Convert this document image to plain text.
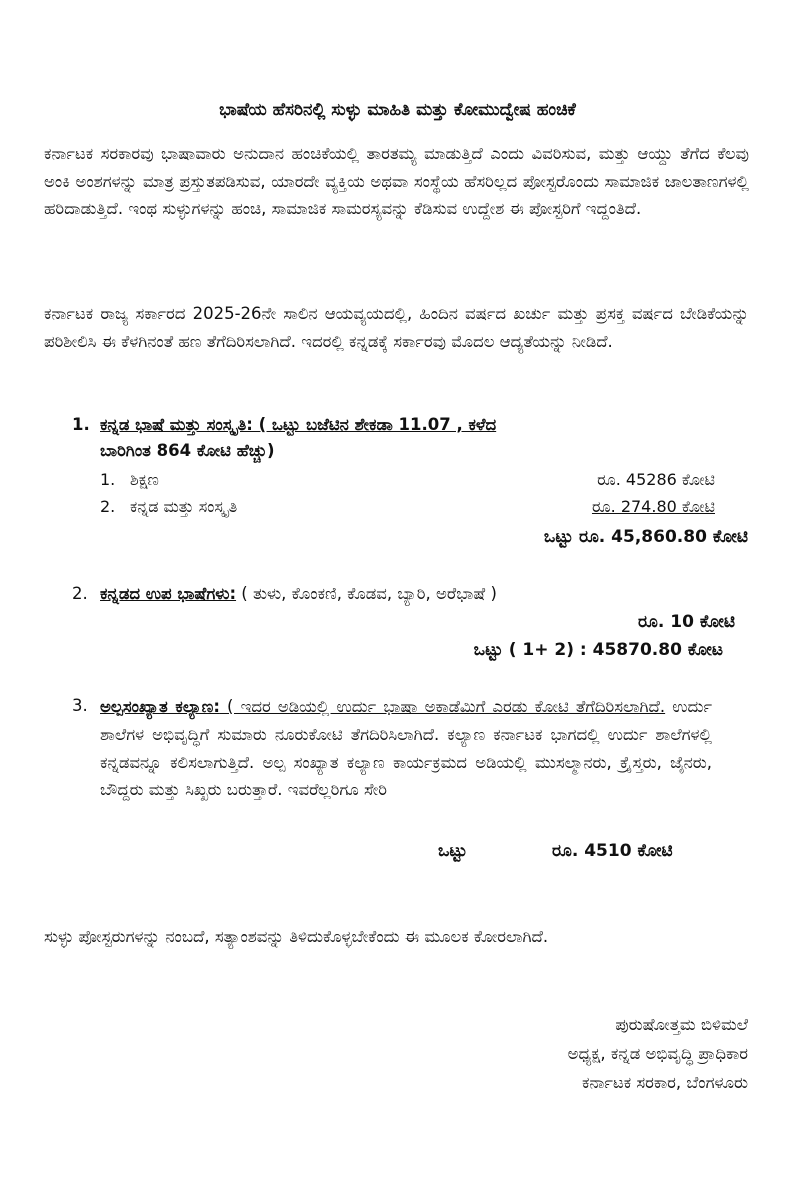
ಭಾಷೆಯ ಹೆಸರಿನಲ್ಲಿ ಸುಳ್ಳು ಮಾಹಿತಿ ಮತ್ತು ಕೋಮುದ್ವೇಷ ಹಂಚಿಕೆ
ಕರ್ನಾಟಕ ಸರಕಾರವು ಭಾಷಾವಾರು ಅನುದಾನ ಹಂಚಿಕೆಯಲ್ಲಿ ತಾರತಮ್ಯ ಮಾಡುತ್ತಿದೆ ಎಂದು ವಿವರಿಸುವ, ಮತ್ತು ಆಯ್ದು ತೆಗೆದ ಕೆಲವು ಅಂಕಿ ಅಂಶಗಳನ್ನು ಮಾತ್ರ ಪ್ರಸ್ತುತಪಡಿಸುವ, ಯಾರದೇ ವ್ಯಕ್ತಿಯ ಅಥವಾ ಸಂಸ್ಥೆಯ ಹೆಸರಿಲ್ಲದ ಪೋಸ್ಟರೊಂದು ಸಾಮಾಜಿಕ ಜಾಲತಾಣಗಳಲ್ಲಿ ಹರಿದಾಡುತ್ತಿದೆ. ಇಂಥ ಸುಳ್ಳುಗಳನ್ನು ಹಂಚಿ, ಸಾಮಾಜಿಕ ಸಾಮರಸ್ಯವನ್ನು ಕೆಡಿಸುವ ಉದ್ದೇಶ ಈ ಪೋಸ್ಟರಿಗೆ ಇದ್ದಂತಿದೆ.
ಕರ್ನಾಟಕ ರಾಜ್ಯ ಸರ್ಕಾರದ 2025-26ನೇ ಸಾಲಿನ ಆಯವ್ಯಯದಲ್ಲಿ, ಹಿಂದಿನ ವರ್ಷದ ಖರ್ಚು ಮತ್ತು ಪ್ರಸಕ್ತ ವರ್ಷದ ಬೇಡಿಕೆಯನ್ನು ಪರಿಶೀಲಿಸಿ ಈ ಕೆಳಗಿನಂತೆ ಹಣ ತೆಗೆದಿರಿಸಲಾಗಿದೆ. ಇದರಲ್ಲಿ ಕನ್ನಡಕ್ಕೆ ಸರ್ಕಾರವು ಮೊದಲ ಆದ್ಯತೆಯನ್ನು ನೀಡಿದೆ.
1. ಕನ್ನಡ ಭಾಷೆ ಮತ್ತು ಸಂಸ್ಕೃತಿ: ( ಒಟ್ಟು ಬಜೆಟಿನ ಶೇಕಡಾ 11.07 , ಕಳೆದ
ಬಾರಿಗಿಂತ 864 ಕೋಟಿ ಹೆಚ್ಚು)
1. ಶಿಕ್ಷಣ	ರೂ. 45286 ಕೋಟಿ
2. ಕನ್ನಡ ಮತ್ತು ಸಂಸ್ಕೃತಿ	ರೂ. 274.80 ಕೋಟಿ
ಒಟ್ಟು ರೂ. 45,860.80 ಕೋಟಿ
2. ಕನ್ನಡದ ಉಪ ಭಾಷೆಗಳು: ( ತುಳು, ಕೊಂಕಣಿ, ಕೊಡವ, ಬ್ಯಾರಿ, ಅರೆಭಾಷೆ )
ರೂ. 10 ಕೋಟಿ
ಒಟ್ಟು ( 1+ 2) : 45870.80 ಕೋಟ
3. ಅಲ್ಪಸಂಖ್ಯಾತ ಕಲ್ಯಾಣ: ( ಇದರ ಅಡಿಯಲ್ಲಿ ಉರ್ದು ಭಾಷಾ ಅಕಾಡೆಮಿಗೆ ಎರಡು ಕೋಟಿ ತೆಗೆದಿರಿಸಲಾಗಿದೆ. ಉರ್ದು ಶಾಲೆಗಳ ಅಭಿವೃದ್ಧಿಗೆ ಸುಮಾರು ನೂರುಕೋಟಿ ತೆಗದಿರಿಸಿಲಾಗಿದೆ. ಕಲ್ಯಾಣ ಕರ್ನಾಟಕ ಭಾಗದಲ್ಲಿ ಉರ್ದು ಶಾಲೆಗಳಲ್ಲಿ ಕನ್ನಡವನ್ನೂ ಕಲಿಸಲಾಗುತ್ತಿದೆ. ಅಲ್ಪ ಸಂಖ್ಯಾತ ಕಲ್ಯಾಣ ಕಾರ್ಯಕ್ರಮದ ಅಡಿಯಲ್ಲಿ ಮುಸಲ್ಮಾನರು, ಕ್ರೈಸ್ತರು, ಜೈನರು, ಬೌದ್ದರು ಮತ್ತು ಸಿಖ್ಖರು ಬರುತ್ತಾರೆ. ಇವರೆಲ್ಲರಿಗೂ ಸೇರಿ
ಒಟ್ಟು	ರೂ. 4510 ಕೋಟಿ
ಸುಳ್ಳು ಪೋಸ್ಟರುಗಳನ್ನು ನಂಬದೆ, ಸತ್ಯಾಂಶವನ್ನು ತಿಳಿದುಕೊಳ್ಳಬೇಕೆಂದು ಈ ಮೂಲಕ ಕೋರಲಾಗಿದೆ.
ಪುರುಷೋತ್ತಮ ಬಿಳಿಮಲೆ
ಅಧ್ಯಕ್ಷ, ಕನ್ನಡ ಅಭಿವೃದ್ಧಿ ಪ್ರಾಧಿಕಾರ
ಕರ್ನಾಟಕ ಸರಕಾರ, ಬೆಂಗಳೂರು
